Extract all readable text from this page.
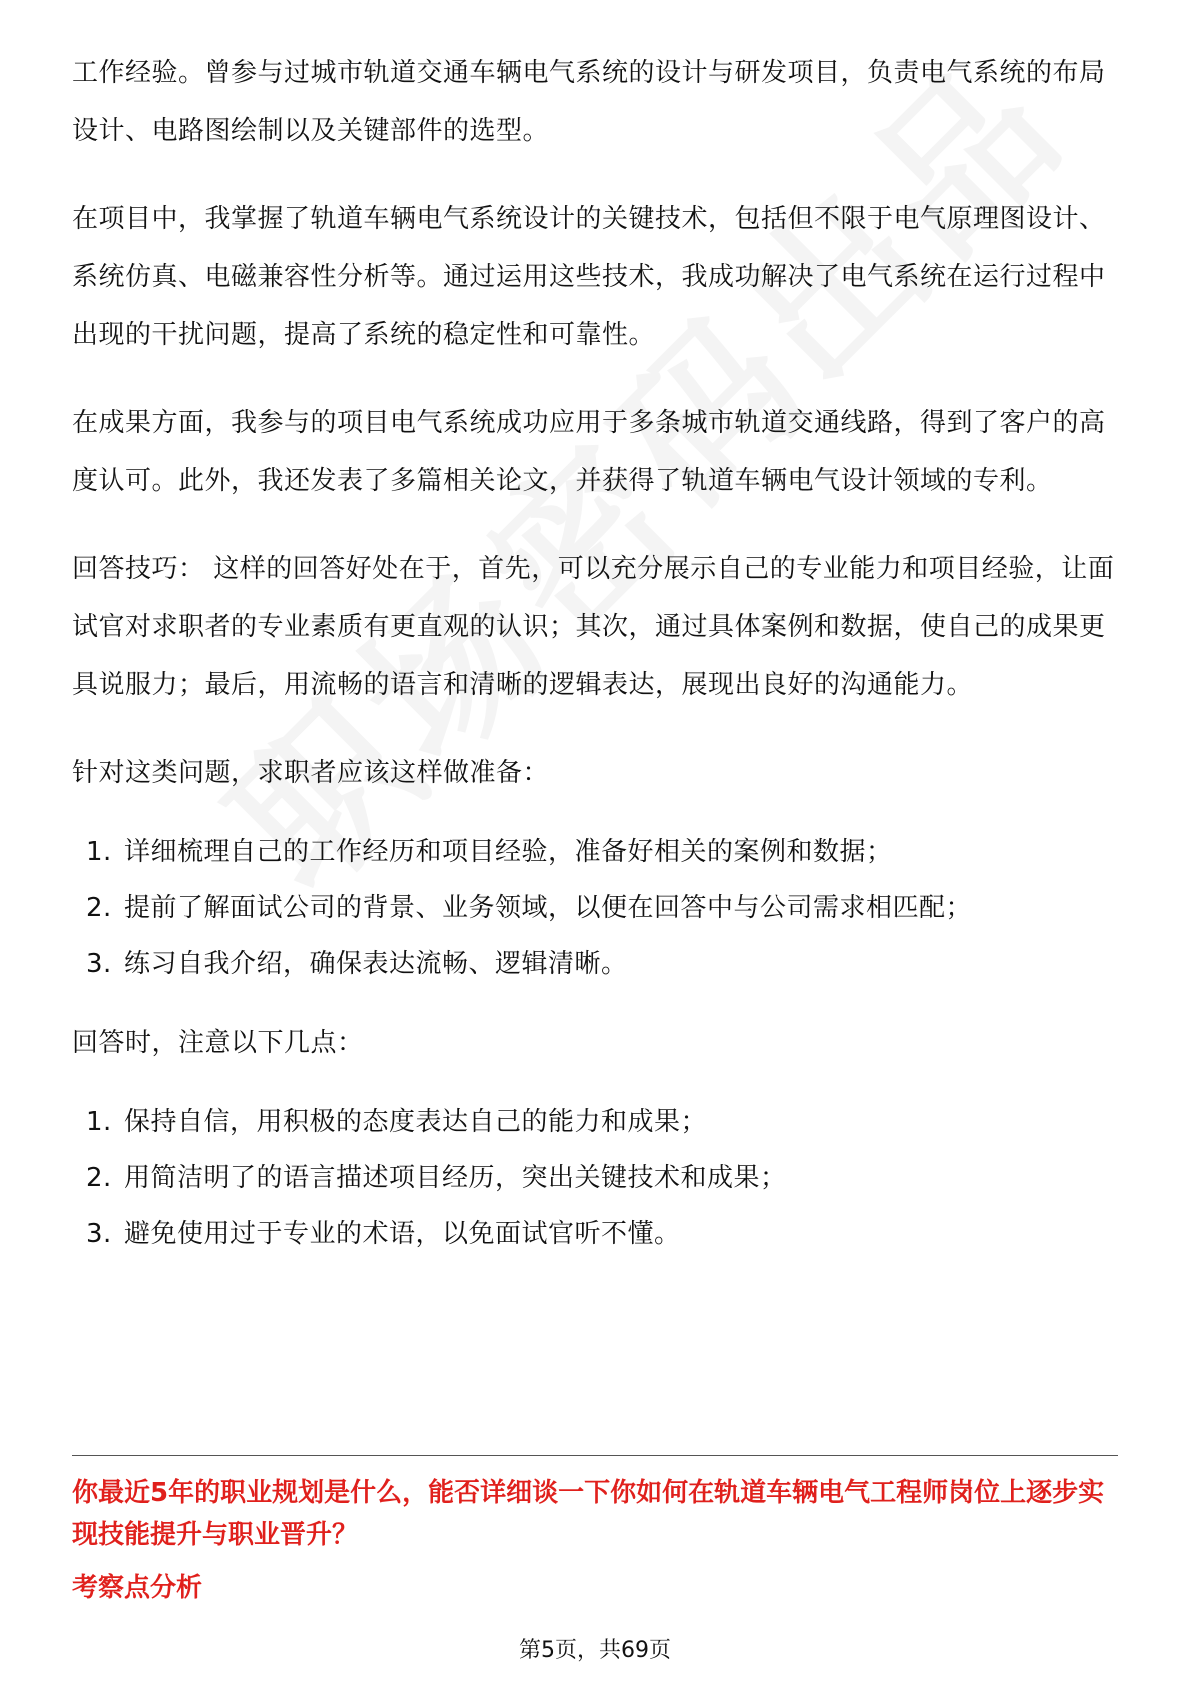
工作经验。曾参与过城市轨道交通车辆电气系统的设计与研发项目，负责电气系统的布局设计、电路图绘制以及关键部件的选型。

在项目中，我掌握了轨道车辆电气系统设计的关键技术，包括但不限于电气原理图设计、系统仿真、电磁兼容性分析等。通过运用这些技术，我成功解决了电气系统在运行过程中出现的干扰问题，提高了系统的稳定性和可靠性。

在成果方面，我参与的项目电气系统成功应用于多条城市轨道交通线路，得到了客户的高度认可。此外，我还发表了多篇相关论文，并获得了轨道车辆电气设计领域的专利。

回答技巧： 这样的回答好处在于，首先，可以充分展示自己的专业能力和项目经验，让面试官对求职者的专业素质有更直观的认识；其次，通过具体案例和数据，使自己的成果更具说服力；最后，用流畅的语言和清晰的逻辑表达，展现出良好的沟通能力。

针对这类问题，求职者应该这样做准备：

1. 详细梳理自己的工作经历和项目经验，准备好相关的案例和数据；
2. 提前了解面试公司的背景、业务领域，以便在回答中与公司需求相匹配；
3. 练习自我介绍，确保表达流畅、逻辑清晰。

回答时，注意以下几点：

1. 保持自信，用积极的态度表达自己的能力和成果；
2. 用简洁明了的语言描述项目经历，突出关键技术和成果；
3. 避免使用过于专业的术语，以免面试官听不懂。

你最近5年的职业规划是什么，能否详细谈一下你如何在轨道车辆电气工程师岗位上逐步实现技能提升与职业晋升？

考察点分析

第5页，共69页
